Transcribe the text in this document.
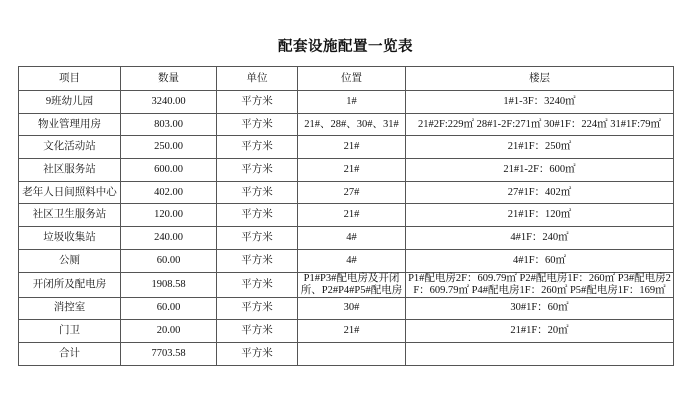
配套设施配置一览表
项目	数量	单位	位置	楼层
9班幼儿园	3240.00	平方米	1#	1#1-3F：3240㎡
物业管理用房	803.00	平方米	21#、28#、30#、31#	21#2F:229㎡ 28#1-2F:271㎡ 30#1F：224㎡ 31#1F:79㎡
文化活动站	250.00	平方米	21#	21#1F：250㎡
社区服务站	600.00	平方米	21#	21#1-2F：600㎡
老年人日间照料中心	402.00	平方米	27#	27#1F：402㎡
社区卫生服务站	120.00	平方米	21#	21#1F：120㎡
垃圾收集站	240.00	平方米	4#	4#1F：240㎡
公厕	60.00	平方米	4#	4#1F：60㎡
开闭所及配电房	1908.58	平方米	P1#P3#配电房及开闭所、P2#P4#P5#配电房	P1#配电房2F：609.79㎡ P2#配电房1F：260㎡ P3#配电房2F：609.79㎡ P4#配电房1F：260㎡ P5#配电房1F：169㎡
消控室	60.00	平方米	30#	30#1F：60㎡
门卫	20.00	平方米	21#	21#1F：20㎡
合计	7703.58	平方米		
